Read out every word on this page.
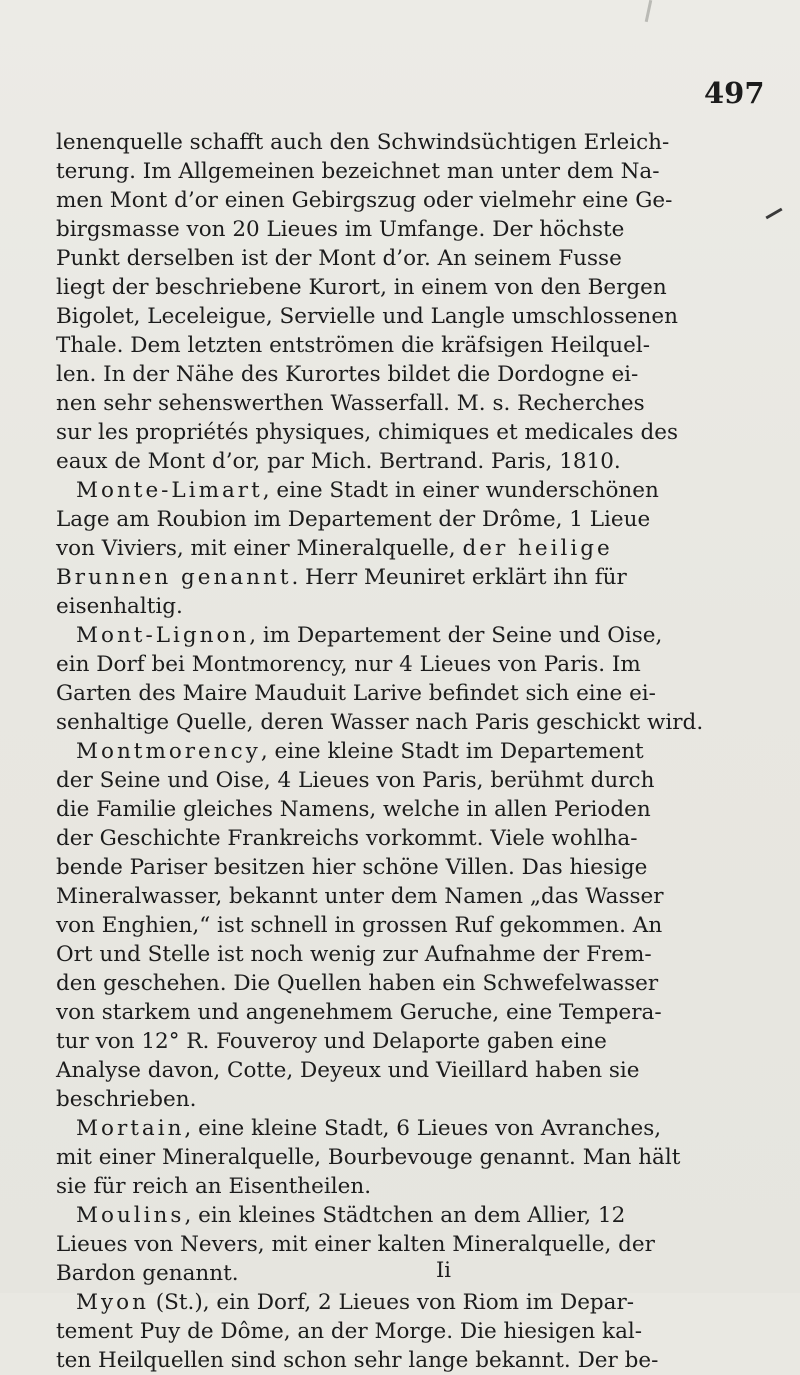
497
lenenquelle schafft auch den Schwindsüchtigen Erleich-
terung. Im Allgemeinen bezeichnet man unter dem Na-
men Mont d’or einen Gebirgszug oder vielmehr eine Ge-
birgsmasse von 20 Lieues im Umfange. Der höchste
Punkt derselben ist der Mont d’or. An seinem Fusse
liegt der beschriebene Kurort, in einem von den Bergen
Bigolet, Leceleigue, Servielle und Langle umschlossenen
Thale. Dem letzten entströmen die kräfsigen Heilquel-
len. In der Nähe des Kurortes bildet die Dordogne ei-
nen sehr sehenswerthen Wasserfall. M. s. Recherches
sur les propriétés physiques, chimiques et medicales des
eaux de Mont d’or, par Mich. Bertrand. Paris, 1810.
Monte-Limart, eine Stadt in einer wunderschönen
Lage am Roubion im Departement der Drôme, 1 Lieue
von Viviers, mit einer Mineralquelle, der heilige
Brunnen genannt. Herr Meuniret erklärt ihn für
eisenhaltig.
Mont-Lignon, im Departement der Seine und Oise,
ein Dorf bei Montmorency, nur 4 Lieues von Paris. Im
Garten des Maire Mauduit Larive befindet sich eine ei-
senhaltige Quelle, deren Wasser nach Paris geschickt wird.
Montmorency, eine kleine Stadt im Departement
der Seine und Oise, 4 Lieues von Paris, berühmt durch
die Familie gleiches Namens, welche in allen Perioden
der Geschichte Frankreichs vorkommt. Viele wohlha-
bende Pariser besitzen hier schöne Villen. Das hiesige
Mineralwasser, bekannt unter dem Namen „das Wasser
von Enghien,“ ist schnell in grossen Ruf gekommen. An
Ort und Stelle ist noch wenig zur Aufnahme der Frem-
den geschehen. Die Quellen haben ein Schwefelwasser
von starkem und angenehmem Geruche, eine Tempera-
tur von 12° R. Fouveroy und Delaporte gaben eine
Analyse davon, Cotte, Deyeux und Vieillard haben sie
beschrieben.
Mortain, eine kleine Stadt, 6 Lieues von Avranches,
mit einer Mineralquelle, Bourbevouge genannt. Man hält
sie für reich an Eisentheilen.
Moulins, ein kleines Städtchen an dem Allier, 12
Lieues von Nevers, mit einer kalten Mineralquelle, der
Bardon genannt.
Myon (St.), ein Dorf, 2 Lieues von Riom im Depar-
tement Puy de Dôme, an der Morge. Die hiesigen kal-
ten Heilquellen sind schon sehr lange bekannt. Der be-
Ii
